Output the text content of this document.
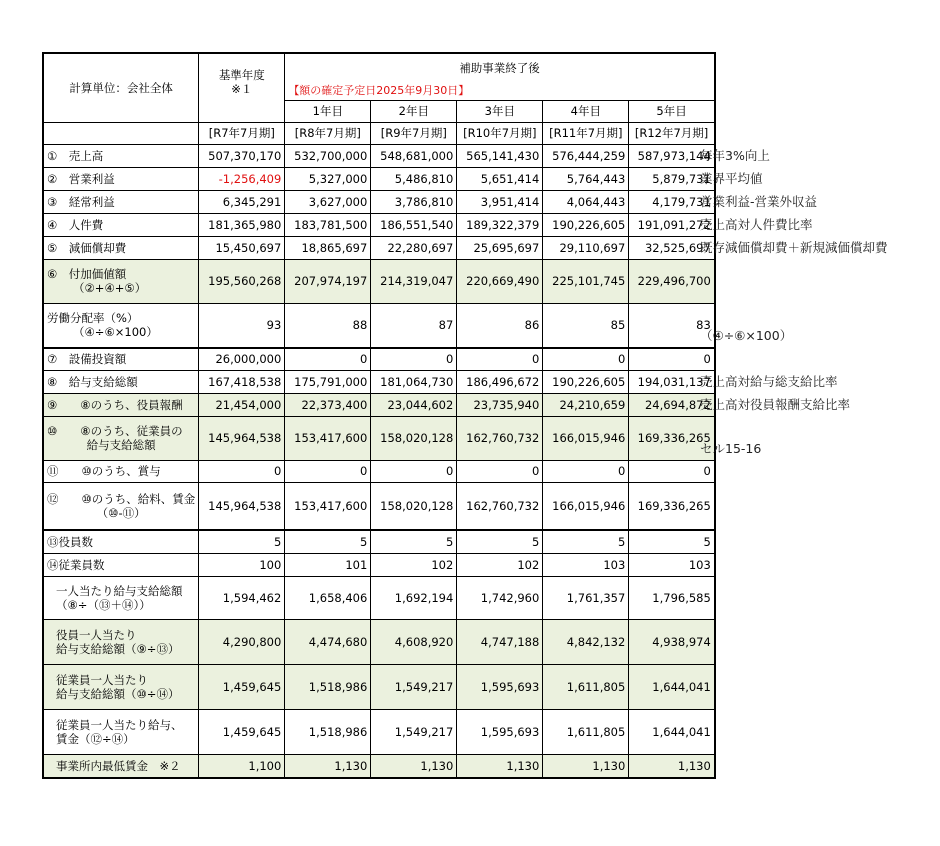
計算単位：会社全体	基準年度	補助事業終了後				
	※１	【額の確定予定日2025年9月30日】				
		1年目	2年目	3年目	4年目	5年目
	[R7年7月期]	[R8年7月期]	[R9年7月期]	[R10年7月期]	[R11年7月期]	[R12年7月期]

①　売上高	507,370,170	532,700,000	548,681,000	565,141,430	576,444,259	587,973,144

②　営業利益	-1,256,409	5,327,000	5,486,810	5,651,414	5,764,443	5,879,731

③　経常利益	6,345,291	3,627,000	3,786,810	3,951,414	4,064,443	4,179,731

④　人件費	181,365,980	183,781,500	186,551,540	189,322,379	190,226,605	191,091,272

⑤　減価償却費	15,450,697	18,865,697	22,280,697	25,695,697	29,110,697	32,525,697

⑥　付加価値額
（②+④+⑤）	195,560,268	207,974,197	214,319,047	220,669,490	225,101,745	229,496,700

労働分配率（%）
（④÷⑥×100）	93	88	87	86	85	83

⑦　設備投資額	26,000,000	0	0	0	0	0

⑧　給与支給総額	167,418,538	175,791,000	181,064,730	186,496,672	190,226,605	194,031,137

⑨　　⑧のうち、役員報酬	21,454,000	22,373,400	23,044,602	23,735,940	24,210,659	24,694,872

⑩　　⑧のうち、従業員の
給与支給総額	145,964,538	153,417,600	158,020,128	162,760,732	166,015,946	169,336,265

⑪　　⑩のうち、賞与	0	0	0	0	0	0

⑫　　⑩のうち、給料、賃金
（⑩-⑪）	145,964,538	153,417,600	158,020,128	162,760,732	166,015,946	169,336,265

⑬役員数	5	5	5	5	5	5

⑭従業員数	100	101	102	102	103	103

一人当たり給与支給総額
（⑧÷（⑬＋⑭））	1,594,462	1,658,406	1,692,194	1,742,960	1,761,357	1,796,585

役員一人当たり
給与支給総額（⑨÷⑬）	4,290,800	4,474,680	4,608,920	4,747,188	4,842,132	4,938,974

従業員一人当たり
給与支給総額（⑩÷⑭）	1,459,645	1,518,986	1,549,217	1,595,693	1,611,805	1,644,041

従業員一人当たり給与、
賃金（⑫÷⑭）	1,459,645	1,518,986	1,549,217	1,595,693	1,611,805	1,644,041

事業所内最低賃金　※２	1,100	1,130	1,130	1,130	1,130	1,130
毎年3%向上
業界平均値
営業利益-営業外収益
売上高対人件費比率
既存減価償却費＋新規減価償却費
（④÷⑥×100）
売上高対給与総支給比率
売上高対役員報酬支給比率
セル15-16
